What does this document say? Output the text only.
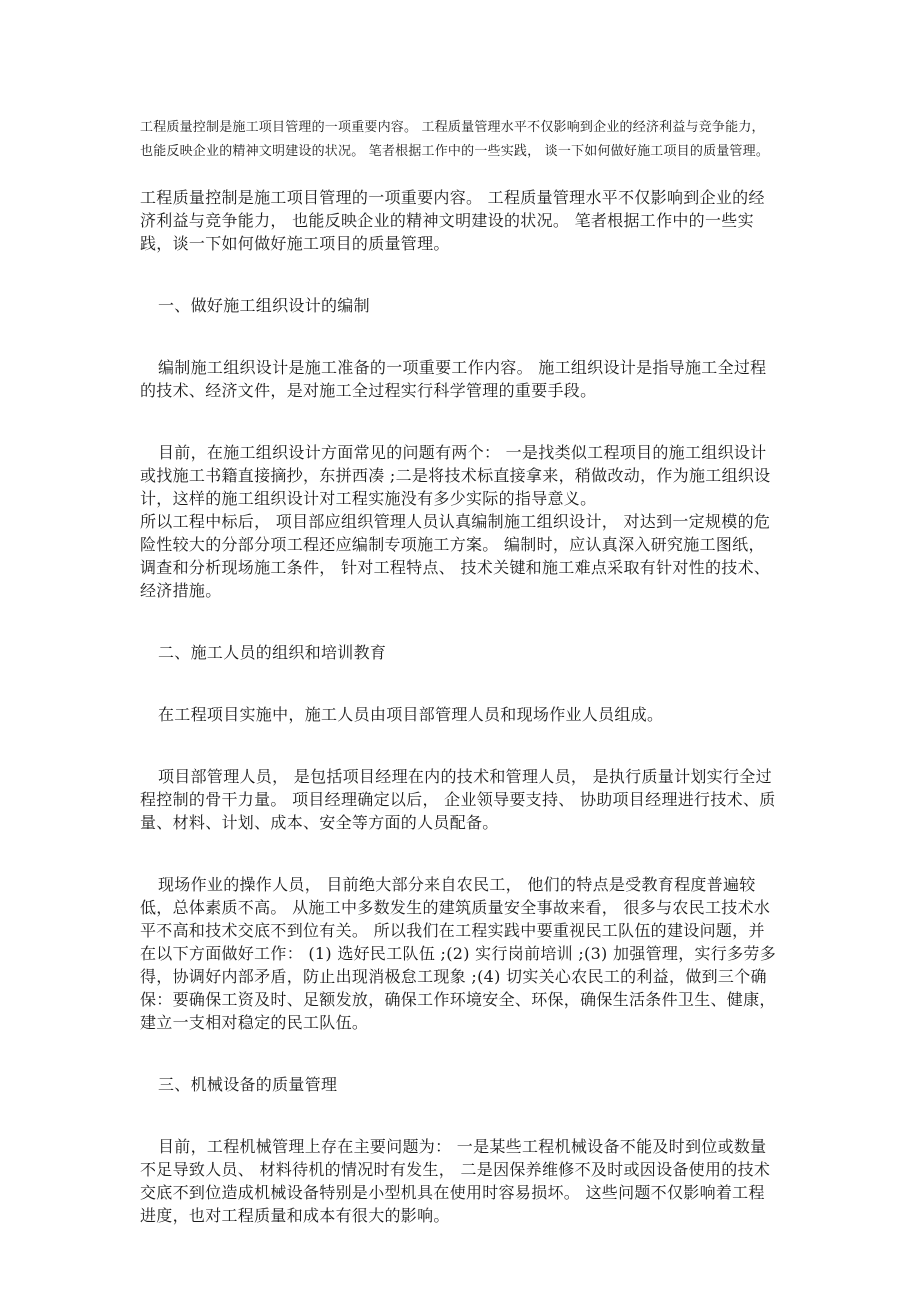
工程质量控制是施工项目管理的一项重要内容。 工程质量管理水平不仅影响到企业的经济利益与竞争能力， 也能反映企业的精神文明建设的状况。 笔者根据工作中的一些实践， 谈一下如何做好施工项目的质量管理。

工程质量控制是施工项目管理的一项重要内容。 工程质量管理水平不仅影响到企业的经济利益与竞争能力， 也能反映企业的精神文明建设的状况。 笔者根据工作中的一些实践，谈一下如何做好施工项目的质量管理。

一、做好施工组织设计的编制

编制施工组织设计是施工准备的一项重要工作内容。 施工组织设计是指导施工全过程的技术、经济文件，是对施工全过程实行科学管理的重要手段。

目前，在施工组织设计方面常见的问题有两个： 一是找类似工程项目的施工组织设计或找施工书籍直接摘抄，东拼西凑 ;二是将技术标直接拿来，稍做改动，作为施工组织设计，这样的施工组织设计对工程实施没有多少实际的指导意义。

所以工程中标后， 项目部应组织管理人员认真编制施工组织设计， 对达到一定规模的危险性较大的分部分项工程还应编制专项施工方案。 编制时，应认真深入研究施工图纸， 调查和分析现场施工条件， 针对工程特点、 技术关键和施工难点采取有针对性的技术、经济措施。

二、施工人员的组织和培训教育

在工程项目实施中，施工人员由项目部管理人员和现场作业人员组成。

项目部管理人员， 是包括项目经理在内的技术和管理人员， 是执行质量计划实行全过程控制的骨干力量。 项目经理确定以后， 企业领导要支持、 协助项目经理进行技术、质量、材料、计划、成本、安全等方面的人员配备。

现场作业的操作人员， 目前绝大部分来自农民工， 他们的特点是受教育程度普遍较低，总体素质不高。 从施工中多数发生的建筑质量安全事故来看， 很多与农民工技术水平不高和技术交底不到位有关。 所以我们在工程实践中要重视民工队伍的建设问题，并在以下方面做好工作： (1) 选好民工队伍 ;(2) 实行岗前培训 ;(3) 加强管理，实行多劳多得，协调好内部矛盾，防止出现消极怠工现象 ;(4) 切实关心农民工的利益，做到三个确保：要确保工资及时、足额发放，确保工作环境安全、环保，确保生活条件卫生、健康，建立一支相对稳定的民工队伍。

三、机械设备的质量管理

目前，工程机械管理上存在主要问题为： 一是某些工程机械设备不能及时到位或数量不足导致人员、 材料待机的情况时有发生， 二是因保养维修不及时或因设备使用的技术交底不到位造成机械设备特别是小型机具在使用时容易损坏。 这些问题不仅影响着工程进度，也对工程质量和成本有很大的影响。
